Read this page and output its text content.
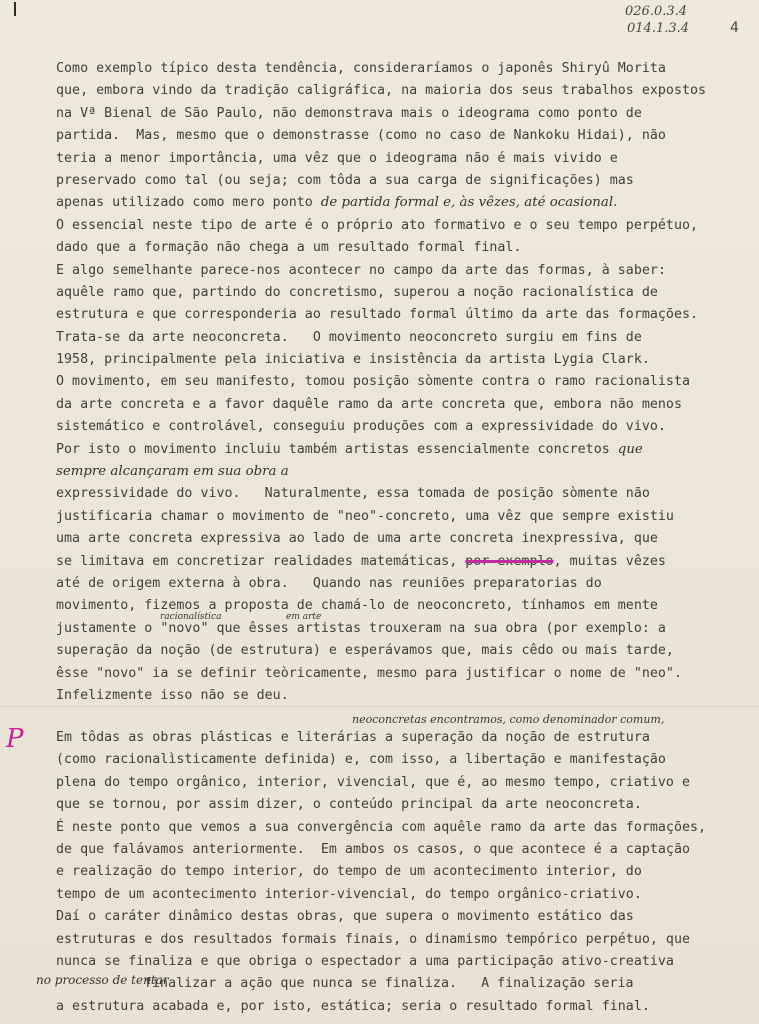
026.0.3.4
014.1.3.4	4
Como exemplo típico desta tendência, consideraríamos o japonês Shiryû Morita
que, embora vindo da tradição caligráfica, na maioria dos seus trabalhos expostos
na Vª Bienal de São Paulo, não demonstrava mais o ideograma como ponto de
partida.  Mas, mesmo que o demonstrasse (como no caso de Nankoku Hidai), não
teria a menor importância, uma vêz que o ideograma não é mais vivido e
preservado como tal (ou seja; com tôda a sua carga de significações) mas
apenas utilizado como mero ponto de partida formal e, às vêzes, até ocasional.
O essencial neste tipo de arte é o próprio ato formativo e o seu tempo perpétuo,
dado que a formação não chega a um resultado formal final.
E algo semelhante parece-nos acontecer no campo da arte das formas, à saber:
aquêle ramo que, partindo do concretismo, superou a noção racionalística de
estrutura e que corresponderia ao resultado formal último da arte das formações.
Trata-se da arte neoconcreta.   O movimento neoconcreto surgiu em fins de
1958, principalmente pela iniciativa e insistência da artista Lygia Clark.
O movimento, em seu manifesto, tomou posição sòmente contra o ramo racionalista
da arte concreta e a favor daquêle ramo da arte concreta que, embora não menos
sistemático e controlável, conseguiu produções com a expressividade do vivo.
Por isto o movimento incluiu também artistas essencialmente concretos que
sempre alcançaram em sua obra a
expressividade do vivo.   Naturalmente, essa tomada de posição sòmente não
justificaria chamar o movimento de "neo"-concreto, uma vêz que sempre existiu
uma arte concreta expressiva ao lado de uma arte concreta inexpressiva, que
se limitava em concretizar realidades matemáticas, por exemplo, muitas vêzes
até de origem externa à obra.   Quando nas reuniões preparatorias do
movimento, fizemos a proposta de chamá-lo de neoconcreto, tínhamos em mente
justamente o "novo" que êsses artistas trouxeram na sua obra (por exemplo: a
superação da noção (de estrutura) e esperávamos que, mais cêdo ou mais tarde,
êsse "novo" ia se definir teòricamente, mesmo para justificar o nome de "neo".
Infelizmente isso não se deu.
racionalística	em arte
P
neoconcretas encontramos, como denominador comum,
Em tôdas as obras plásticas e literárias a superação da noção de estrutura
(como racionalìsticamente definida) e, com isso, a libertação e manifestação
plena do tempo orgânico, interior, vivencial, que é, ao mesmo tempo, criativo e
que se tornou, por assim dizer, o conteúdo principal da arte neoconcreta.
É neste ponto que vemos a sua convergência com aquêle ramo da arte das formações,
de que falávamos anteriormente.  Em ambos os casos, o que acontece é a captação
e realização do tempo interior, do tempo de um acontecimento interior, do
tempo de um acontecimento interior-vivencial, do tempo orgânico-criativo.
Daí o caráter dinâmico destas obras, que supera o movimento estático das
estruturas e dos resultados formais finais, o dinamismo tempórico perpétuo, que
nunca se finaliza e que obriga o espectador a uma participação ativo-creativa
finalizar a ação que nunca se finaliza.   A finalização seria
a estrutura acabada e, por isto, estática; seria o resultado formal final.
no processo de tentar
